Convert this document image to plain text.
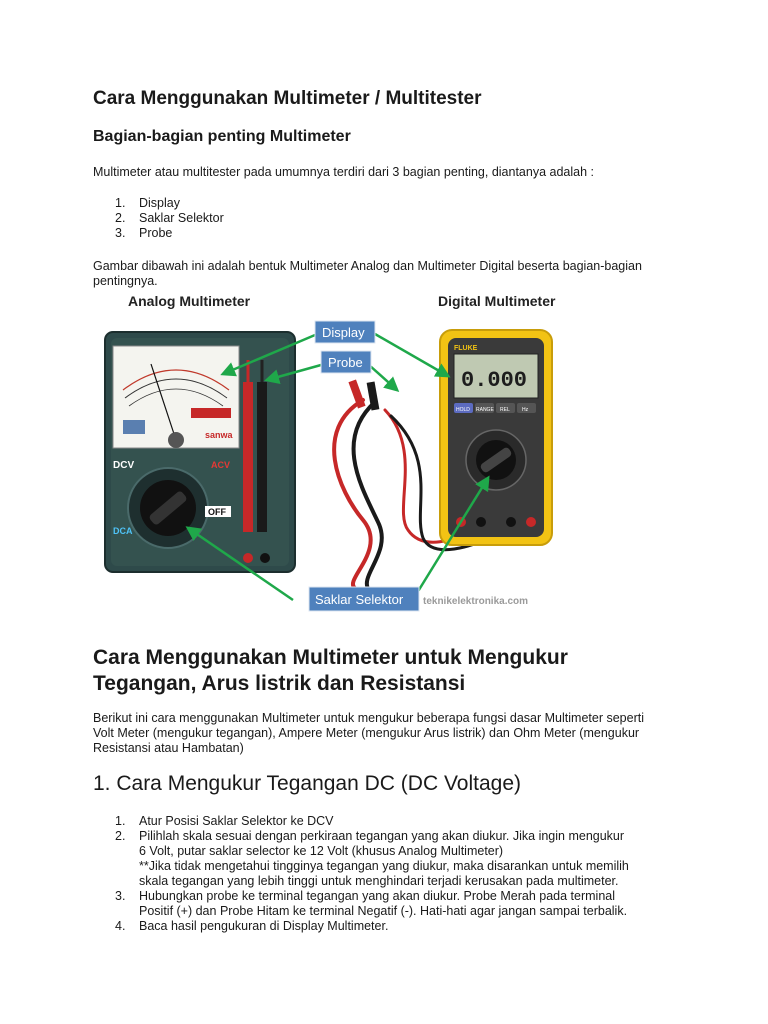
Cara Menggunakan Multimeter / Multitester
Bagian-bagian penting Multimeter

Multimeter atau multitester pada umumnya terdiri dari 3 bagian penting, diantanya adalah :

1. Display
2. Saklar Selektor
3. Probe

Gambar dibawah ini adalah bentuk Multimeter Analog dan Multimeter Digital beserta bagian-bagian pentingnya.

Analog Multimeter	Digital Multimeter
sanwa
DCV	ACV
DCA
OFF
FLUKE
0.000
HOLD RANGE REL Hz
Display
Probe
Saklar Selektor teknikelektronika.com
Cara Menggunakan Multimeter untuk Mengukur Tegangan, Arus listrik dan Resistansi

Berikut ini cara menggunakan Multimeter untuk mengukur beberapa fungsi dasar Multimeter seperti Volt Meter (mengukur tegangan), Ampere Meter (mengukur Arus listrik) dan Ohm Meter (mengukur Resistansi atau Hambatan)

1. Cara Mengukur Tegangan DC (DC Voltage)
1. Atur Posisi Saklar Selektor ke DCV
2. Pilihlah skala sesuai dengan perkiraan tegangan yang akan diukur. Jika ingin mengukur
6 Volt, putar saklar selector ke 12 Volt (khusus Analog Multimeter)
**Jika tidak mengetahui tingginya tegangan yang diukur, maka disarankan untuk memilih
skala tegangan yang lebih tinggi untuk menghindari terjadi kerusakan pada multimeter.
3. Hubungkan probe ke terminal tegangan yang akan diukur. Probe Merah pada terminal
Positif (+) dan Probe Hitam ke terminal Negatif (-). Hati-hati agar jangan sampai terbalik.
4. Baca hasil pengukuran di Display Multimeter.
